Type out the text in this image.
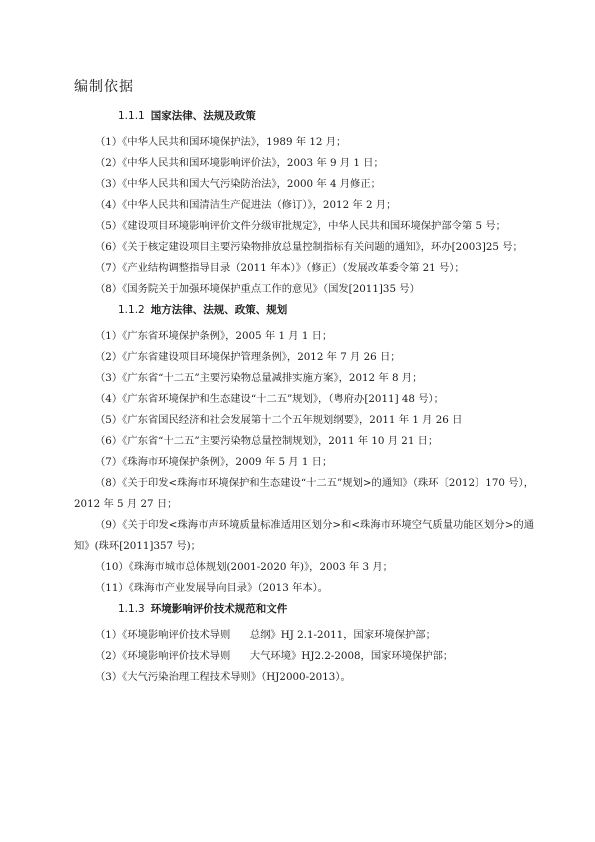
编制依据
1.1.1 国家法律、法规及政策

（1）《中华人民共和国环境保护法》，1989 年 12 月；

（2）《中华人民共和国环境影响评价法》，2003 年 9 月 1 日；

（3）《中华人民共和国大气污染防治法》，2000 年 4 月修正；

（4）《中华人民共和国清洁生产促进法（修订）》，2012 年 2 月；

（5）《建设项目环境影响评价文件分级审批规定》，中华人民共和国环境保护部令第 5 号；

（6）《关于核定建设项目主要污染物排放总量控制指标有关问题的通知》，环办[2003]25 号；

（7）《产业结构调整指导目录（2011 年本）》（修正）（发展改革委令第 21 号）；

（8）《国务院关于加强环境保护重点工作的意见》（国发[2011]35 号）

1.1.2 地方法律、法规、政策、规划

（1）《广东省环境保护条例》，2005 年 1 月 1 日；

（2）《广东省建设项目环境保护管理条例》，2012 年 7 月 26 日；

（3）《广东省“十二五”主要污染物总量减排实施方案》，2012 年 8 月；

（4）《广东省环境保护和生态建设“十二五”规划》，（粤府办[2011] 48 号）；

（5）《广东省国民经济和社会发展第十二个五年规划纲要》，2011 年 1 月 26 日

（6）《广东省“十二五”主要污染物总量控制规划》，2011 年 10 月 21 日；

（7）《珠海市环境保护条例》，2009 年 5 月 1 日；

（8）《关于印发<珠海市环境保护和生态建设“十二五”规划>的通知》（珠环〔2012〕170 号），2012 年 5 月 27 日；

（9）《关于印发<珠海市声环境质量标准适用区划分>和<珠海市环境空气质量功能区划分>的通知》(珠环[2011]357 号)；

（10）《珠海市城市总体规划(2001-2020 年)》，2003 年 3 月；

（11）《珠海市产业发展导向目录》（2013 年本）。

1.1.3 环境影响评价技术规范和文件

（1）《环境影响评价技术导则      总纲》HJ 2.1-2011，国家环境保护部；

（2）《环境影响评价技术导则      大气环境》HJ2.2-2008，国家环境保护部；

（3）《大气污染治理工程技术导则》（HJ2000-2013）。
